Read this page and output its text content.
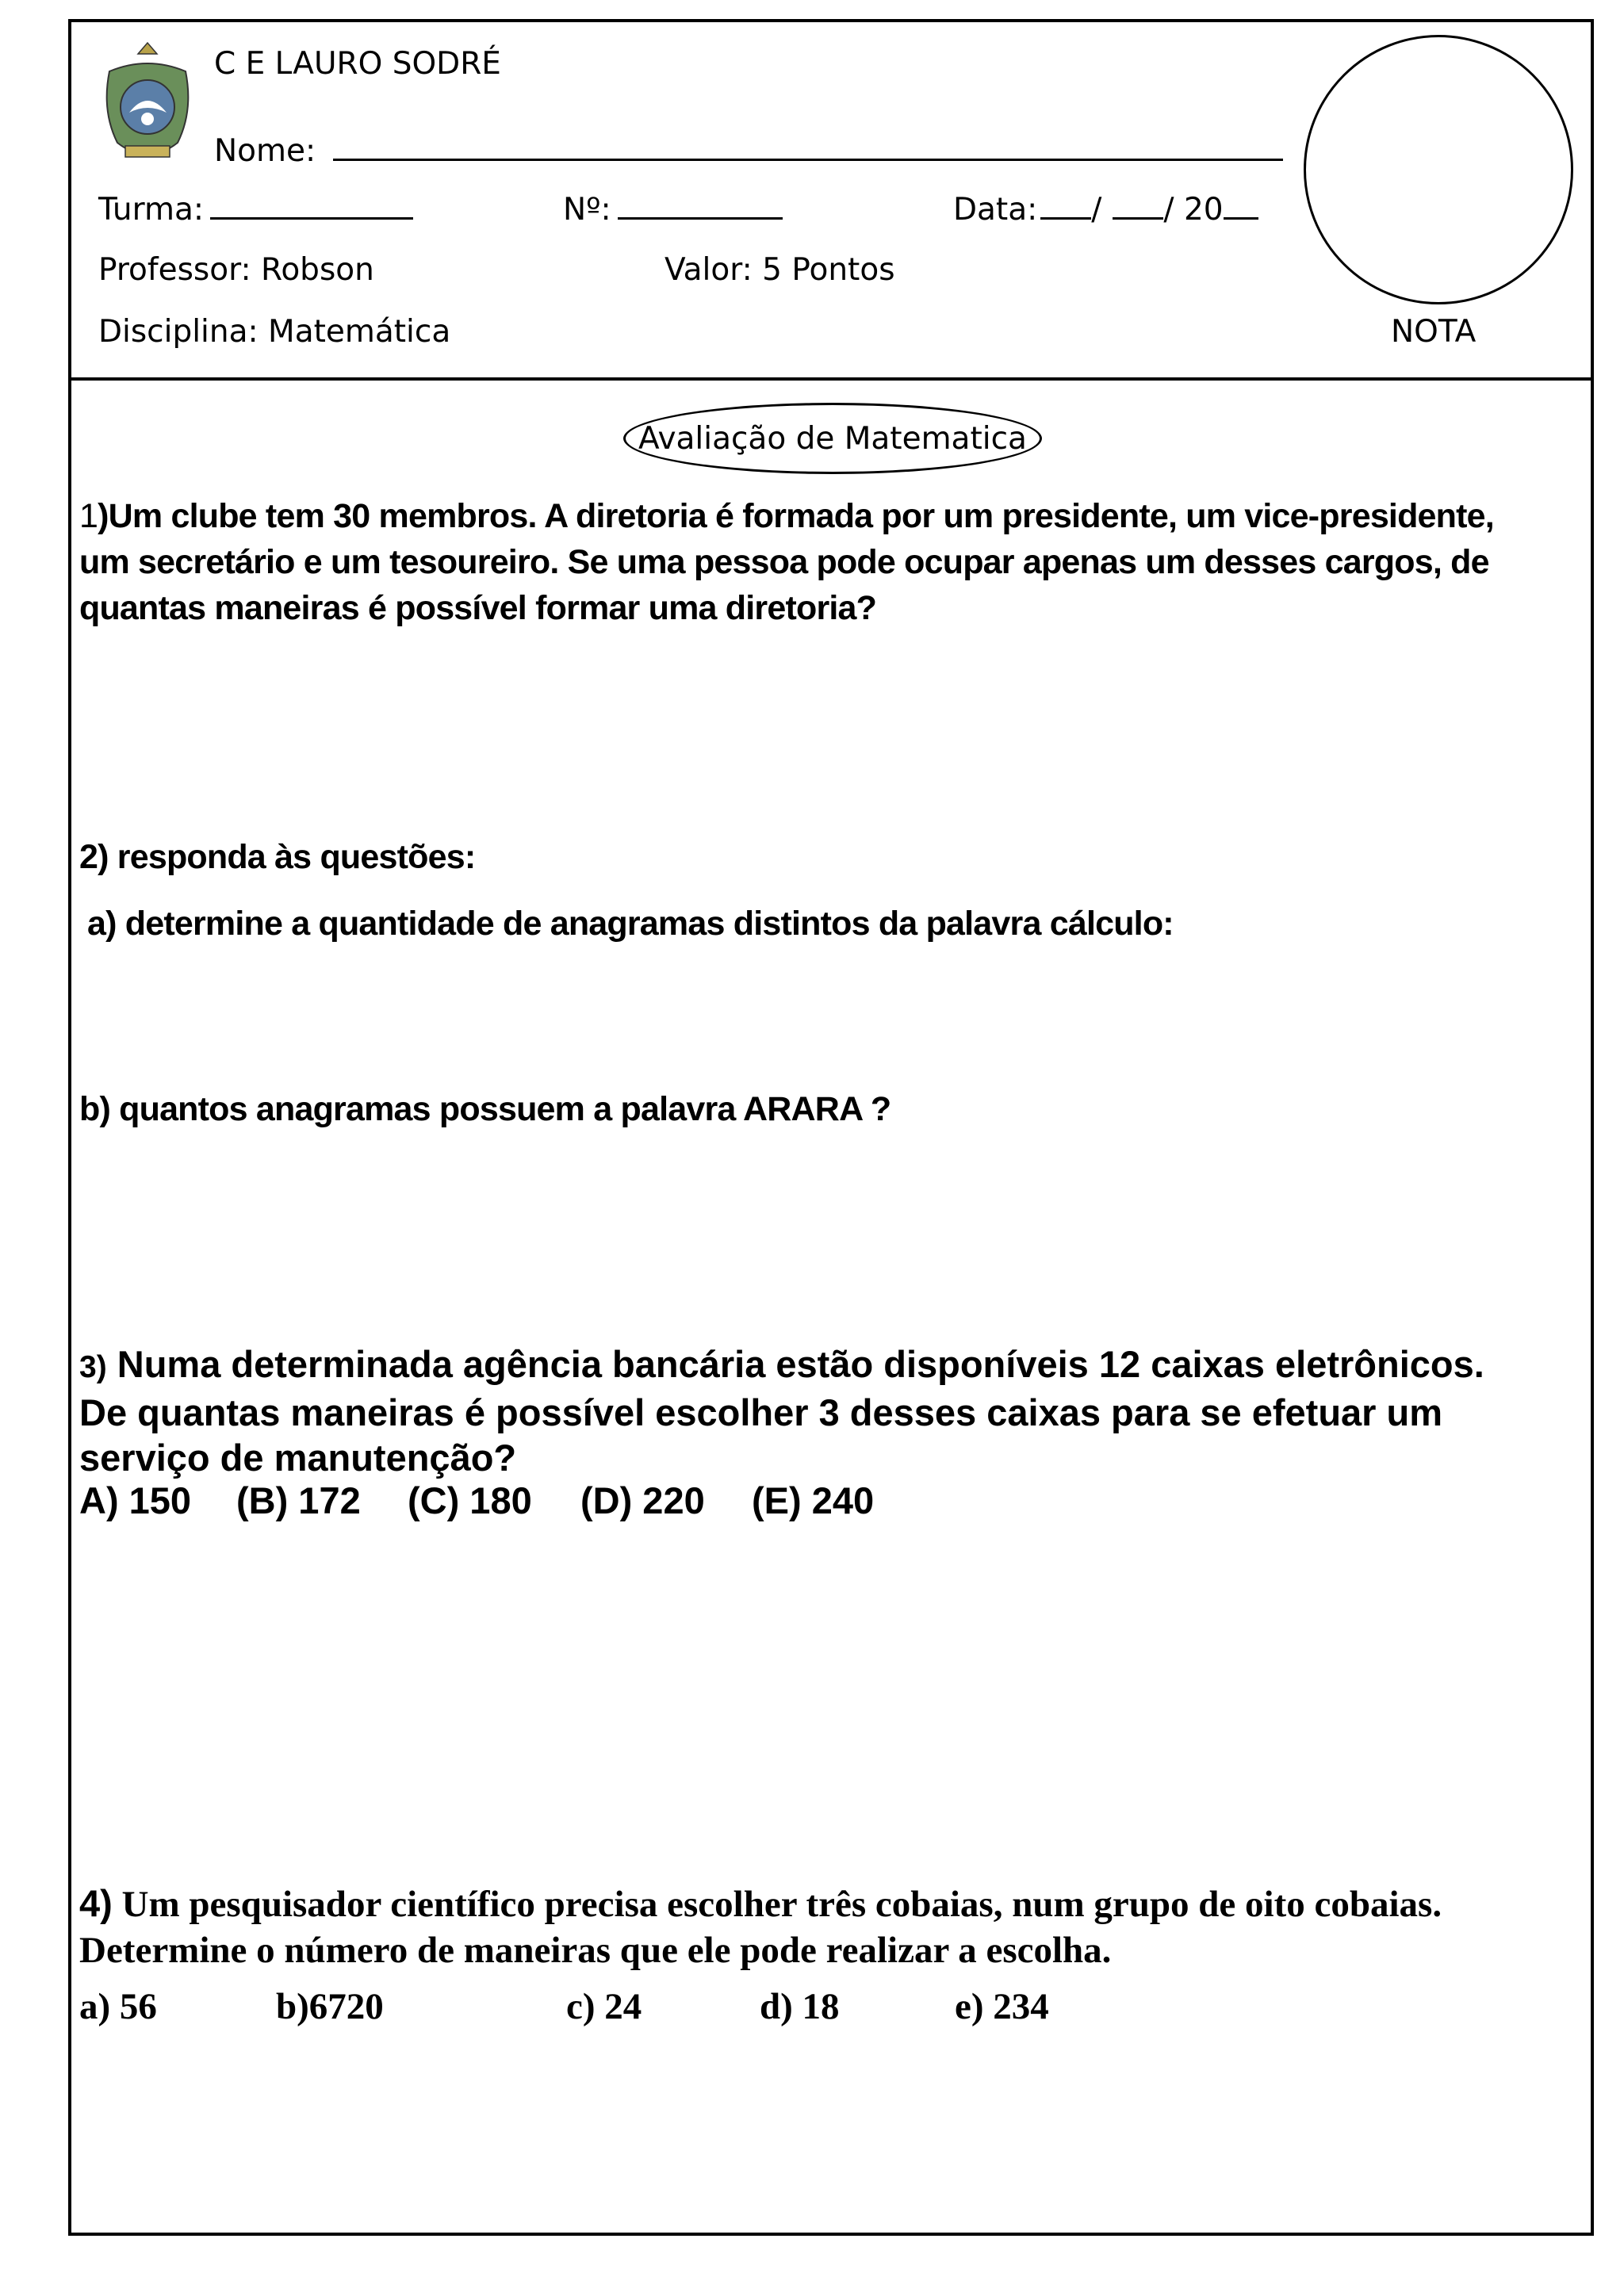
C E LAURO SODRÉ
Nome:
Turma:	Nº:	Data: / / 20
Professor: Robson	Valor: 5 Pontos
Disciplina: Matemática	NOTA
Avaliação de Matematica
1)Um clube tem 30 membros. A diretoria é formada por um presidente, um vice-presidente,
um secretário e um tesoureiro. Se uma pessoa pode ocupar apenas um desses cargos, de
quantas maneiras é possível formar uma diretoria?
2) responda às questões:
a) determine a quantidade de anagramas distintos da palavra cálculo:
b) quantos anagramas possuem a palavra ARARA ?
3) Numa determinada agência bancária estão disponíveis 12 caixas eletrônicos.
De quantas maneiras é possível escolher 3 desses caixas para se efetuar um
serviço de manutenção?
A) 150 (B) 172 (C) 180 (D) 220 (E) 240
4) Um pesquisador científico precisa escolher três cobaias, num grupo de oito cobaias.
Determine o número de maneiras que ele pode realizar a escolha.
a) 56	b)6720	c) 24	d) 18	e) 234
